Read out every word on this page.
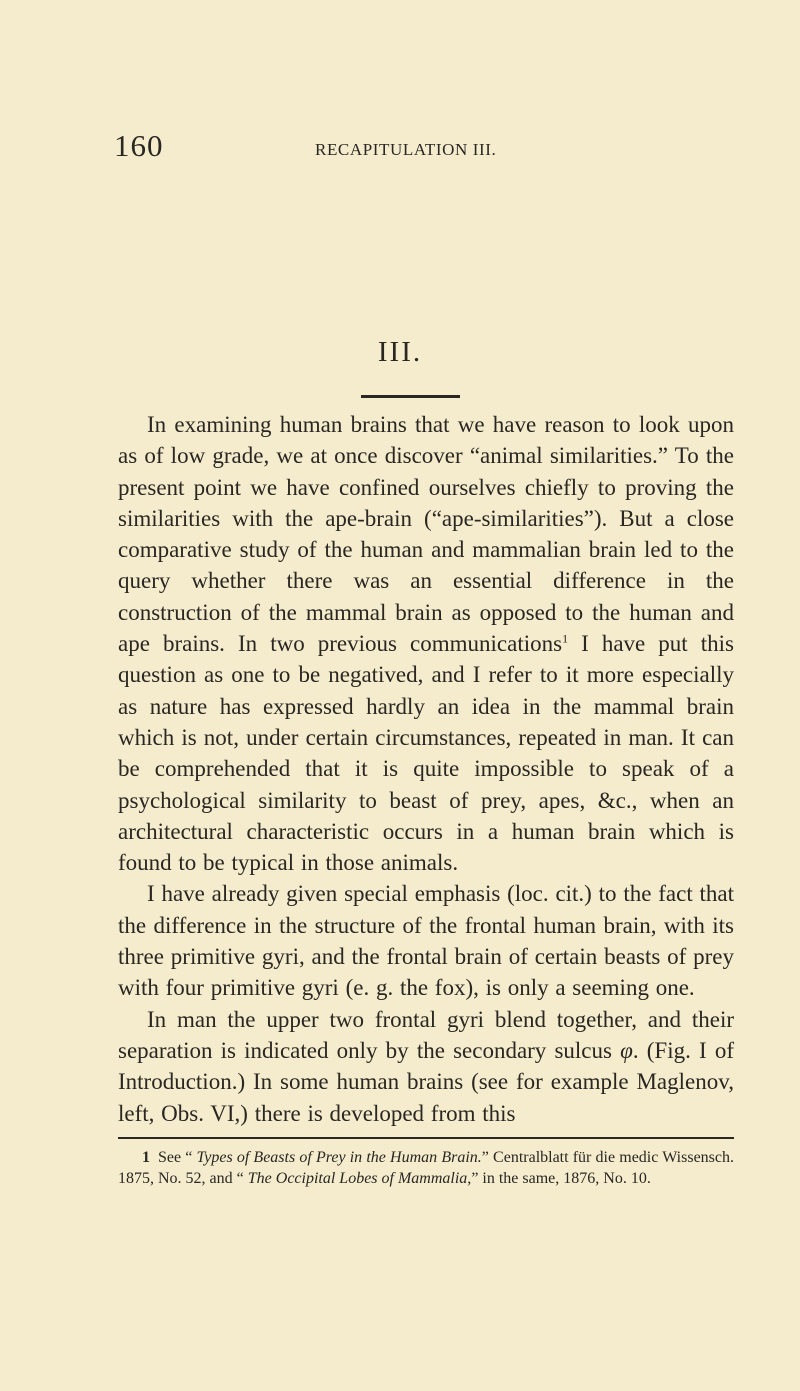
160	RECAPITULATION III.
III.

In examining human brains that we have reason to look upon as of low grade, we at once discover “animal similarities.” To the present point we have confined ourselves chiefly to proving the similarities with the ape-brain (“ape-similarities”). But a close comparative study of the human and mammalian brain led to the query whether there was an essential difference in the construction of the mammal brain as opposed to the human and ape brains. In two previous communications$^1$ I have put this question as one to be negatived, and I refer to it more especially as nature has expressed hardly an idea in the mammal brain which is not, under certain circumstances, repeated in man. It can be comprehended that it is quite impossible to speak of a psychological similarity to beast of prey, apes, &c., when an architectural characteristic occurs in a human brain which is found to be typical in those animals.

I have already given special emphasis (loc. cit.) to the fact that the difference in the structure of the frontal human brain, with its three primitive gyri, and the frontal brain of certain beasts of prey with four primitive gyri (e. g. the fox), is only a seeming one.

In man the upper two frontal gyri blend together, and their separation is indicated only by the secondary sulcus φ. (Fig. I of Introduction.) In some human brains (see for example Maglenov, left, Obs. VI,) there is developed from this

1 See “ Types of Beasts of Prey in the Human Brain.” Centralblatt für die medic Wissensch. 1875, No. 52, and “ The Occipital Lobes of Mammalia,” in the same, 1876, No. 10.
